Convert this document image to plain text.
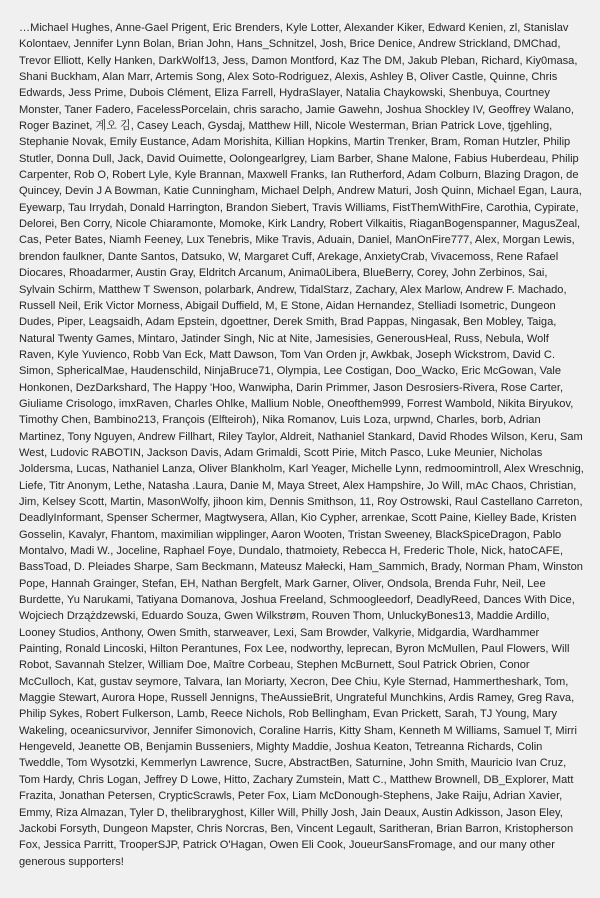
…Michael Hughes, Anne-Gael Prigent, Eric Brenders, Kyle Lotter, Alexander Kiker, Edward Kenien, zl, Stanislav Kolontaev, Jennifer Lynn Bolan, Brian John, Hans_Schnitzel, Josh, Brice Denice, Andrew Strickland, DMChad, Trevor Elliott, Kelly Hanken, DarkWolf13, Jess, Damon Montford, Kaz The DM, Jakub Pleban, Richard, Kiy0masa, Shani Buckham, Alan Marr, Artemis Song, Alex Soto-Rodriguez, Alexis, Ashley B, Oliver Castle, Quinne, Chris Edwards, Jess Prime, Dubois Clément, Eliza Farrell, HydraSlayer, Natalia Chaykowski, Shenbuya, Courtney Monster, Taner Fadero, FacelessPorcelain, chris saracho, Jamie Gawehn, Joshua Shockley IV, Geoffrey Walano, Roger Bazinet, 계오 김, Casey Leach, Gysdaj, Matthew Hill, Nicole Westerman, Brian Patrick Love, tjgehling, Stephanie Novak, Emily Eustance, Adam Morishita, Killian Hopkins, Martin Trenker, Bram, Roman Hutzler, Philip Stutler, Donna Dull, Jack, David Ouimette, Oolongearlgrey, Liam Barber, Shane Malone, Fabius Huberdeau, Philip Carpenter, Rob O, Robert Lyle, Kyle Brannan, Maxwell Franks, Ian Rutherford, Adam Colburn, Blazing Dragon, de Quincey, Devin J A Bowman, Katie Cunningham, Michael Delph, Andrew Maturi, Josh Quinn, Michael Egan, Laura, Eyewarp, Tau Irrydah, Donald Harrington, Brandon Siebert, Travis Williams, FistThemWithFire, Carothia, Cypirate, Delorei, Ben Corry, Nicole Chiaramonte, Momoke, Kirk Landry, Robert Vilkaitis, RiaganBogenspanner, MagusZeal, Cas, Peter Bates, Niamh Feeney, Lux Tenebris, Mike Travis, Aduain, Daniel, ManOnFire777, Alex, Morgan Lewis, brendon faulkner, Dante Santos, Datsuko, W, Margaret Cuff, Arekage, AnxietyCrab, Vivacemoss, Rene Rafael Diocares, Rhoadarmer, Austin Gray, Eldritch Arcanum, Anima0Libera, BlueBerry, Corey, John Zerbinos, Sai, Sylvain Schirm, Matthew T Swenson, polarbark, Andrew, TidalStarz, Zachary, Alex Marlow, Andrew F. Machado, Russell Neil, Erik Victor Morness, Abigail Duffield, M, E Stone, Aidan Hernandez, Stelliadi Isometric, Dungeon Dudes, Piper, Leagsaidh, Adam Epstein, dgoettner, Derek Smith, Brad Pappas, Ningasak, Ben Mobley, Taiga, Natural Twenty Games, Mintaro, Jatinder Singh, Nic at Nite, Jamesisies, GenerousHeal, Russ, Nebula, Wolf Raven, Kyle Yuvienco, Robb Van Eck, Matt Dawson, Tom Van Orden jr, Awkbak, Joseph Wickstrom, David C. Simon, SphericalMae, Haudenschild, NinjaBruce71, Olympia, Lee Costigan, Doo_Wacko, Eric McGowan, Vale Honkonen, DezDarkshard, The Happy 'Hoo, Wanwipha, Darin Primmer, Jason Desrosiers-Rivera, Rose Carter, Giuliame Crisologo, imxRaven, Charles Ohlke, Mallium Noble, Oneofthem999, Forrest Wambold, Nikita Biryukov, Timothy Chen, Bambino213, François (Elfteiroh), Nika Romanov, Luis Loza, urpwnd, Charles, borb, Adrian Martinez, Tony Nguyen, Andrew Fillhart, Riley Taylor, Aldreit, Nathaniel Stankard, David Rhodes Wilson, Keru, Sam West, Ludovic RABOTIN, Jackson Davis, Adam Grimaldi, Scott Pirie, Mitch Pasco, Luke Meunier, Nicholas Joldersma, Lucas, Nathaniel Lanza, Oliver Blankholm, Karl Yeager, Michelle Lynn, redmoomintroll, Alex Wreschnig, Liefe, Titr Anonym, Lethe, Natasha .Laura, Danie M, Maya Street, Alex Hampshire, Jo Will, mAc Chaos, Christian, Jim, Kelsey Scott, Martin, MasonWolfy, jihoon kim, Dennis Smithson, 11, Roy Ostrowski, Raul Castellano Carreton, DeadlyInformant, Spenser Schermer, Magtwysera, Allan, Kio Cypher, arrenkae, Scott Paine, Kielley Bade, Kristen Gosselin, Kavalyr, Fhantom, maximilian wipplinger, Aaron Wooten, Tristan Sweeney, BlackSpiceDragon, Pablo Montalvo, Madi W., Joceline, Raphael Foye, Dundalo, thatmoiety, Rebecca H, Frederic Thole, Nick, hatoCAFE, BassToad, D. Pleiades Sharpe, Sam Beckmann, Mateusz Małecki, Ham_Sammich, Brady, Norman Pham, Winston Pope, Hannah Grainger, Stefan, EH, Nathan Bergfelt, Mark Garner, Oliver, Ondsola, Brenda Fuhr, Neil, Lee Burdette, Yu Narukami, Tatiyana Domanova, Joshua Freeland, Schmoogleedorf, DeadlyReed, Dances With Dice, Wojciech Drzążdzewski, Eduardo Souza, Gwen Wilkstrøm, Rouven Thom, UnluckyBones13, Maddie Ardillo, Looney Studios, Anthony, Owen Smith, starweaver, Lexi, Sam Browder, Valkyrie, Midgardia, Wardhammer Painting, Ronald Lincoski, Hilton Perantunes, Fox Lee, nodworthy, leprecan, Byron McMullen, Paul Flowers, Will Robot, Savannah Stelzer, William Doe, Maître Corbeau, Stephen McBurnett, Soul Patrick Obrien, Conor McCulloch, Kat, gustav seymore, Talvara, Ian Moriarty, Xecron, Dee Chiu, Kyle Sternad, Hammertheshark, Tom, Maggie Stewart, Aurora Hope, Russell Jennigns, TheAussieBrit, Ungrateful Munchkins, Ardis Ramey, Greg Rava, Philip Sykes, Robert Fulkerson, Lamb, Reece Nichols, Rob Bellingham, Evan Prickett, Sarah, TJ Young, Mary Wakeling, oceanicsurvivor, Jennifer Simonovich, Coraline Harris, Kitty Sham, Kenneth M Williams, Samuel T, Mirri Hengeveld, Jeanette OB, Benjamin Busseniers, Mighty Maddie, Joshua Keaton, Tetreanna Richards, Colin Tweddle, Tom Wysotzki, Kemmerlyn Lawrence, Sucre, AbstractBen, Saturnine, John Smith, Mauricio Ivan Cruz, Tom Hardy, Chris Logan, Jeffrey D Lowe, Hitto, Zachary Zumstein, Matt C., Matthew Brownell, DB_Explorer, Matt Frazita, Jonathan Petersen, CrypticScrawls, Peter Fox, Liam McDonough-Stephens, Jake Raiju, Adrian Xavier, Emmy, Riza Almazan, Tyler D, thelibraryghost, Killer Will, Philly Josh, Jain Deaux, Austin Adkisson, Jason Eley, Jackobi Forsyth, Dungeon Mapster, Chris Norcras, Ben, Vincent Legault, Saritheran, Brian Barron, Kristopherson Fox, Jessica Parritt, TrooperSJP, Patrick O'Hagan, Owen Eli Cook, JoueurSansFromage, and our many other generous supporters!
